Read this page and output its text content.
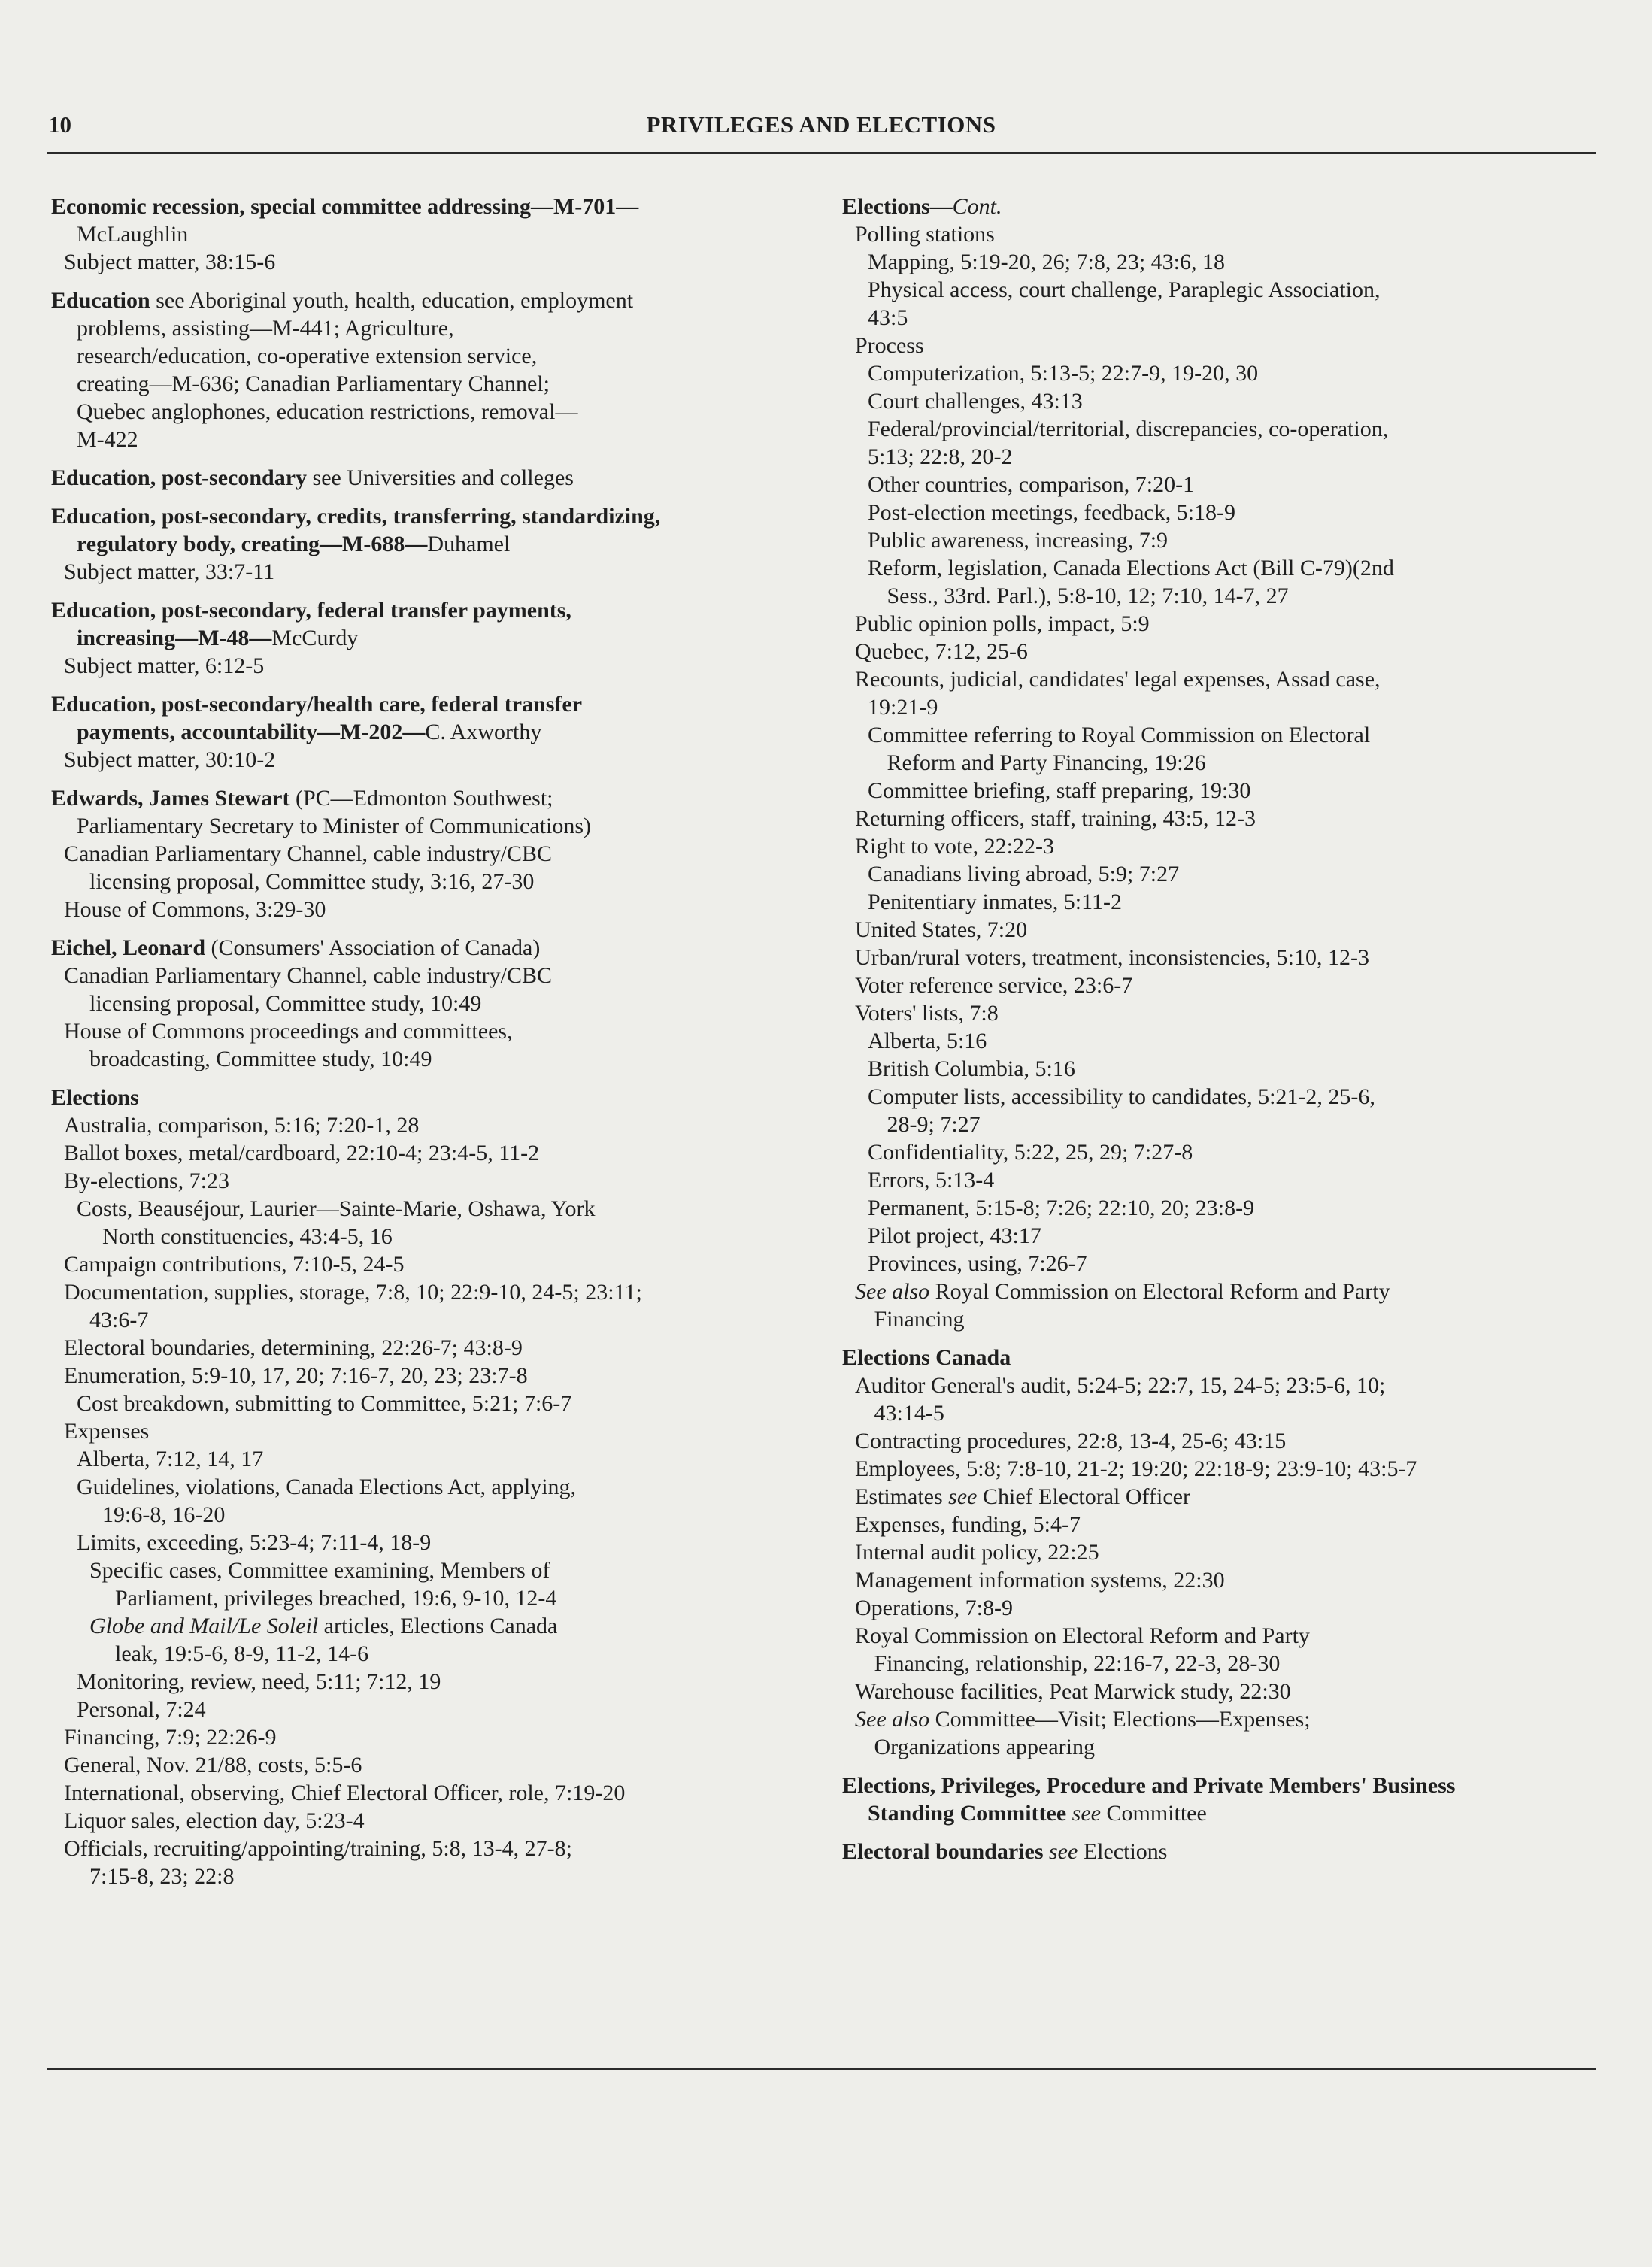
10	PRIVILEGES AND ELECTIONS
Economic recession, special committee addressing—M-701—
McLaughlin
Subject matter, 38:15-6
Education see Aboriginal youth, health, education, employment
problems, assisting—M-441; Agriculture,
research/education, co-operative extension service,
creating—M-636; Canadian Parliamentary Channel;
Quebec anglophones, education restrictions, removal—
M-422
Education, post-secondary see Universities and colleges
Education, post-secondary, credits, transferring, standardizing,
regulatory body, creating—M-688—Duhamel
Subject matter, 33:7-11
Education, post-secondary, federal transfer payments,
increasing—M-48—McCurdy
Subject matter, 6:12-5
Education, post-secondary/health care, federal transfer
payments, accountability—M-202—C. Axworthy
Subject matter, 30:10-2
Edwards, James Stewart (PC—Edmonton Southwest;
Parliamentary Secretary to Minister of Communications)
Canadian Parliamentary Channel, cable industry/CBC
licensing proposal, Committee study, 3:16, 27-30
House of Commons, 3:29-30
Eichel, Leonard (Consumers' Association of Canada)
Canadian Parliamentary Channel, cable industry/CBC
licensing proposal, Committee study, 10:49
House of Commons proceedings and committees,
broadcasting, Committee study, 10:49
Elections
Australia, comparison, 5:16; 7:20-1, 28
Ballot boxes, metal/cardboard, 22:10-4; 23:4-5, 11-2
By-elections, 7:23
Costs, Beauséjour, Laurier—Sainte-Marie, Oshawa, York
North constituencies, 43:4-5, 16
Campaign contributions, 7:10-5, 24-5
Documentation, supplies, storage, 7:8, 10; 22:9-10, 24-5; 23:11;
43:6-7
Electoral boundaries, determining, 22:26-7; 43:8-9
Enumeration, 5:9-10, 17, 20; 7:16-7, 20, 23; 23:7-8
Cost breakdown, submitting to Committee, 5:21; 7:6-7
Expenses
Alberta, 7:12, 14, 17
Guidelines, violations, Canada Elections Act, applying,
19:6-8, 16-20
Limits, exceeding, 5:23-4; 7:11-4, 18-9
Specific cases, Committee examining, Members of
Parliament, privileges breached, 19:6, 9-10, 12-4
Globe and Mail/Le Soleil articles, Elections Canada
leak, 19:5-6, 8-9, 11-2, 14-6
Monitoring, review, need, 5:11; 7:12, 19
Personal, 7:24
Financing, 7:9; 22:26-9
General, Nov. 21/88, costs, 5:5-6
International, observing, Chief Electoral Officer, role, 7:19-20
Liquor sales, election day, 5:23-4
Officials, recruiting/appointing/training, 5:8, 13-4, 27-8;
7:15-8, 23; 22:8
Elections—Cont.
Polling stations
Mapping, 5:19-20, 26; 7:8, 23; 43:6, 18
Physical access, court challenge, Paraplegic Association,
43:5
Process
Computerization, 5:13-5; 22:7-9, 19-20, 30
Court challenges, 43:13
Federal/provincial/territorial, discrepancies, co-operation,
5:13; 22:8, 20-2
Other countries, comparison, 7:20-1
Post-election meetings, feedback, 5:18-9
Public awareness, increasing, 7:9
Reform, legislation, Canada Elections Act (Bill C-79)(2nd
Sess., 33rd. Parl.), 5:8-10, 12; 7:10, 14-7, 27
Public opinion polls, impact, 5:9
Quebec, 7:12, 25-6
Recounts, judicial, candidates' legal expenses, Assad case,
19:21-9
Committee referring to Royal Commission on Electoral
Reform and Party Financing, 19:26
Committee briefing, staff preparing, 19:30
Returning officers, staff, training, 43:5, 12-3
Right to vote, 22:22-3
Canadians living abroad, 5:9; 7:27
Penitentiary inmates, 5:11-2
United States, 7:20
Urban/rural voters, treatment, inconsistencies, 5:10, 12-3
Voter reference service, 23:6-7
Voters' lists, 7:8
Alberta, 5:16
British Columbia, 5:16
Computer lists, accessibility to candidates, 5:21-2, 25-6,
28-9; 7:27
Confidentiality, 5:22, 25, 29; 7:27-8
Errors, 5:13-4
Permanent, 5:15-8; 7:26; 22:10, 20; 23:8-9
Pilot project, 43:17
Provinces, using, 7:26-7
See also Royal Commission on Electoral Reform and Party
Financing
Elections Canada
Auditor General's audit, 5:24-5; 22:7, 15, 24-5; 23:5-6, 10;
43:14-5
Contracting procedures, 22:8, 13-4, 25-6; 43:15
Employees, 5:8; 7:8-10, 21-2; 19:20; 22:18-9; 23:9-10; 43:5-7
Estimates see Chief Electoral Officer
Expenses, funding, 5:4-7
Internal audit policy, 22:25
Management information systems, 22:30
Operations, 7:8-9
Royal Commission on Electoral Reform and Party
Financing, relationship, 22:16-7, 22-3, 28-30
Warehouse facilities, Peat Marwick study, 22:30
See also Committee—Visit; Elections—Expenses;
Organizations appearing
Elections, Privileges, Procedure and Private Members' Business
Standing Committee see Committee
Electoral boundaries see Elections
